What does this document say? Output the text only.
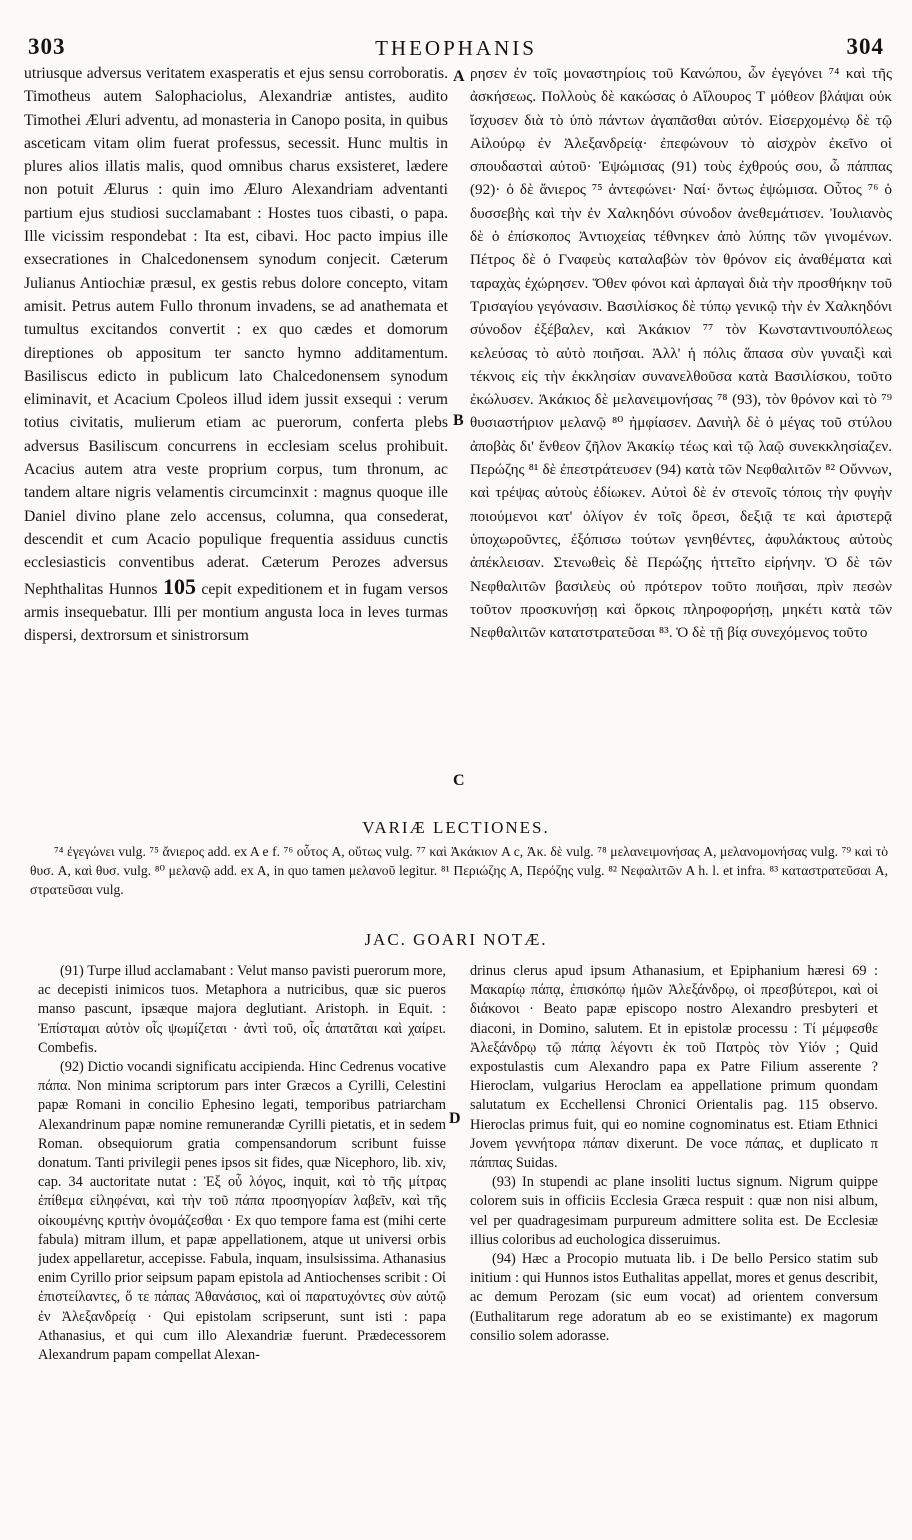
303	THEOPHANIS	304

utriusque adversus veritatem exasperatis et ejus sensu corroboratis. Timotheus autem Salophaciolus, Alexandriæ antistes, audito Timothei Æluri adventu, ad monasteria in Canopo posita, in quibus asceticam vitam olim fuerat professus, secessit. Hunc multis in plures alios illatis malis, quod omnibus charus exsisteret, lædere non potuit Ælurus : quin imo Æluro Alexandriam adventanti partium ejus studiosi succlamabant : Hostes tuos cibasti, o papa. Ille vicissim respondebat : Ita est, cibavi. Hoc pacto impius ille exsecrationes in Chalcedonensem synodum conjecit. Cæterum Julianus Antiochiæ præsul, ex gestis rebus dolore concepto, vitam amisit. Petrus autem Fullo thronum invadens, se ad anathemata et tumultus excitandos convertit : ex quo cædes et domorum direptiones ob appositum ter sancto hymno additamentum. Basiliscus edicto in publicum lato Chalcedonensem synodum eliminavit, et Acacium Cpoleos illud idem jussit exsequi : verum totius civitatis, mulierum etiam ac puerorum, conferta plebs adversus Basiliscum concurrens in ecclesiam scelus prohibuit. Acacius autem atra veste proprium corpus, tum thronum, ac tandem altare nigris velamentis circumcinxit : magnus quoque ille Daniel divino plane zelo accensus, columna, qua consederat, descendit et cum Acacio populique frequentia assiduus cunctis ecclesiasticis conventibus aderat. Cæterum Perozes adversus Nephthalitas Hunnos 105 cepit expeditionem et in fugam versos armis insequebatur. Illi per montium angusta loca in leves turmas dispersi, dextrorsum et sinistrorsum

A
B
C

ρησεν ἐν τοῖς μοναστηρίοις τοῦ Κανώπου, ὧν ἐγεγόνει ⁷⁴ καὶ τῆς ἀσκήσεως. Πολλοὺς δὲ κακώσας ὁ Αἴλουρος Τ μόθεον βλάψαι οὐκ ἴσχυσεν διὰ τὸ ὑπὸ πάντων ἀγαπᾶσθαι αὐτόν. Εἰσερχομένῳ δὲ τῷ Αἰλούρῳ ἐν Ἀλεξανδρείᾳ· ἐπεφώνουν τὸ αἰσχρὸν ἐκεῖνο οἱ σπουδασταὶ αὐτοῦ· Ἐψώμισας (91) τοὺς ἐχθρούς σου, ὦ πάππας (92)· ὁ δὲ ἄνιερος ⁷⁵ ἀντεφώνει· Ναί· ὄντως ἐψώμισα. Οὗτος ⁷⁶ ὁ δυσσεβὴς καὶ τὴν ἐν Χαλκηδόνι σύνοδον ἀνεθεμάτισεν. Ἰουλιανὸς δὲ ὁ ἐπίσκοπος Ἀντιοχείας τέθνηκεν ἀπὸ λύπης τῶν γινομένων. Πέτρος δὲ ὁ Γναφεὺς καταλαβὼν τὸν θρόνον εἰς ἀναθέματα καὶ ταραχὰς ἐχώρησεν. Ὅθεν φόνοι καὶ ἁρπαγαὶ διὰ τὴν προσθήκην τοῦ Τρισαγίου γεγόνασιν. Βασιλίσκος δὲ τύπῳ γενικῷ τὴν ἐν Χαλκηδόνι σύνοδον ἐξέβαλεν, καὶ Ἀκάκιον ⁷⁷ τὸν Κωνσταντινουπόλεως κελεύσας τὸ αὐτὸ ποιῆσαι. Ἀλλ' ἡ πόλις ἅπασα σὺν γυναιξὶ καὶ τέκνοις εἰς τὴν ἐκκλησίαν συνανελθοῦσα κατὰ Βασιλίσκου, τοῦτο ἐκώλυσεν. Ἀκάκιος δὲ μελανειμονήσας ⁷⁸ (93), τὸν θρόνον καὶ τὸ ⁷⁹ θυσιαστήριον μελανῷ ⁸⁰ ἠμφίασεν. Δανιὴλ δὲ ὁ μέγας τοῦ στύλου ἀποβὰς δι' ἔνθεον ζῆλον Ἀκακίῳ τέως καὶ τῷ λαῷ συνεκκλησίαζεν. Περώζης ⁸¹ δὲ ἐπεστράτευσεν (94) κατὰ τῶν Νεφθαλιτῶν ⁸² Οὔννων, καὶ τρέψας αὐτοὺς ἐδίωκεν. Αὐτοὶ δὲ ἐν στενοῖς τόποις τὴν φυγὴν ποιούμενοι κατ' ὀλίγον ἐν τοῖς ὄρεσι, δεξιᾷ τε καὶ ἀριστερᾷ ὑποχωροῦντες, ἐξόπισω τούτων γενηθέντες, ἀφυλάκτους αὐτοὺς ἀπέκλεισαν. Στενωθεὶς δὲ Περώζης ἡττεῖτο εἰρήνην. Ὁ δὲ τῶν Νεφθαλιτῶν βασιλεὺς οὐ πρότερον τοῦτο ποιῆσαι, πρὶν πεσὼν τοῦτον προσκυνήσῃ καὶ ὅρκοις πληροφορήσῃ, μηκέτι κατὰ τῶν Νεφθαλιτῶν κατατστρατεῦσαι ⁸³. Ὁ δὲ τῇ βίᾳ συνεχόμενος τοῦτο

VARIÆ LECTIONES.

⁷⁴ ἐγεγώνει vulg. ⁷⁵ ἄνιερος add. ex A e f. ⁷⁶ οὗτος A, οὕτως vulg. ⁷⁷ καὶ Ἀκάκιον A c, Ἀκ. δὲ vulg. ⁷⁸ μελανειμονήσας A, μελανομονήσας vulg. ⁷⁹ καὶ τὸ θυσ. A, καὶ θυσ. vulg. ⁸⁰ μελανῷ add. ex A, in quo tamen μελανοῦ legitur. ⁸¹ Περιώζης A, Περόζης vulg. ⁸² Νεφαλιτῶν A h. l. et infra. ⁸³ καταστρατεῦσαι A, στρατεῦσαι vulg.

JAC. GOARI NOTÆ.

(91) Turpe illud acclamabant : Velut manso pavisti puerorum more, ac decepisti inimicos tuos. Metaphora a nutricibus, quæ sic pueros manso pascunt, ipsæque majora deglutiant. Aristoph. in Equit. : Ἐπίσταμαι αὐτὸν οἷς ψωμίζεται · ἀντὶ τοῦ, οἷς ἀπατᾶται καὶ χαίρει. Combefis.

(92) Dictio vocandi significatu accipienda. Hinc Cedrenus vocative πάπα. Non minima scriptorum pars inter Græcos a Cyrilli, Celestini papæ Romani in concilio Ephesino legati, temporibus patriarcham Alexandrinum papæ nomine remunerandæ Cyrilli pietatis, et in sedem Roman. obsequiorum gratia compensandorum scribunt fuisse donatum. Tanti privilegii penes ipsos sit fides, quæ Nicephoro, lib. xiv, cap. 34 auctoritate nutat : Ἐξ οὗ λόγος, inquit, καὶ τὸ τῆς μίτρας ἐπίθεμα εἰληφέναι, καὶ τὴν τοῦ πάπα προσηγορίαν λαβεῖν, καὶ τῆς οἰκουμένης κριτὴν ὀνομάζεσθαι · Ex quo tempore fama est (mihi certe fabula) mitram illum, et papæ appellationem, atque ut universi orbis judex appellaretur, accepisse. Fabula, inquam, insulsissima. Athanasius enim Cyrillo prior seipsum papam epistola ad Antiochenses scribit : Οἱ ἐπιστείλαντες, ὅ τε πάπας Ἀθανάσιος, καὶ οἱ παρατυχόντες σὺν αὐτῷ ἐν Ἀλεξανδρείᾳ · Qui epistolam scripserunt, sunt isti : papa Athanasius, et qui cum illo Alexandriæ fuerunt. Prædecessorem Alexandrum papam compellat Alexan-

D

drinus clerus apud ipsum Athanasium, et Epiphanium hæresi 69 : Μακαρίῳ πάπᾳ, ἐπισκόπῳ ἡμῶν Ἀλεξάνδρῳ, οἱ πρεσβύτεροι, καὶ οἱ διάκονοι · Beato papæ episcopo nostro Alexandro presbyteri et diaconi, in Domino, salutem. Et in epistolæ processu : Τί μέμφεσθε Ἀλεξάνδρῳ τῷ πάπᾳ λέγοντι ἐκ τοῦ Πατρὸς τὸν Υἱόν ; Quid expostulastis cum Alexandro papa ex Patre Filium asserente ? Hieroclam, vulgarius Heroclam ea appellatione primum quondam salutatum ex Ecchellensi Chronici Orientalis pag. 115 observo. Hieroclas primus fuit, qui eo nomine cognominatus est. Etiam Ethnici Jovem γεννήτορα πάπαν dixerunt. De voce πάπας, et duplicato π πάππας Suidas.

(93) In stupendi ac plane insoliti luctus signum. Nigrum quippe colorem suis in officiis Ecclesia Græca respuit : quæ non nisi album, vel per quadragesimam purpureum admittere solita est. De Ecclesiæ illius coloribus ad euchologica disseruimus.

(94) Hæc a Procopio mutuata lib. i De bello Persico statim sub initium : qui Hunnos istos Euthalitas appellat, mores et genus describit, ac demum Perozam (sic eum vocat) ad orientem conversum (Euthalitarum rege adoratum ab eo se existimante) ex magorum consilio solem adorasse.
